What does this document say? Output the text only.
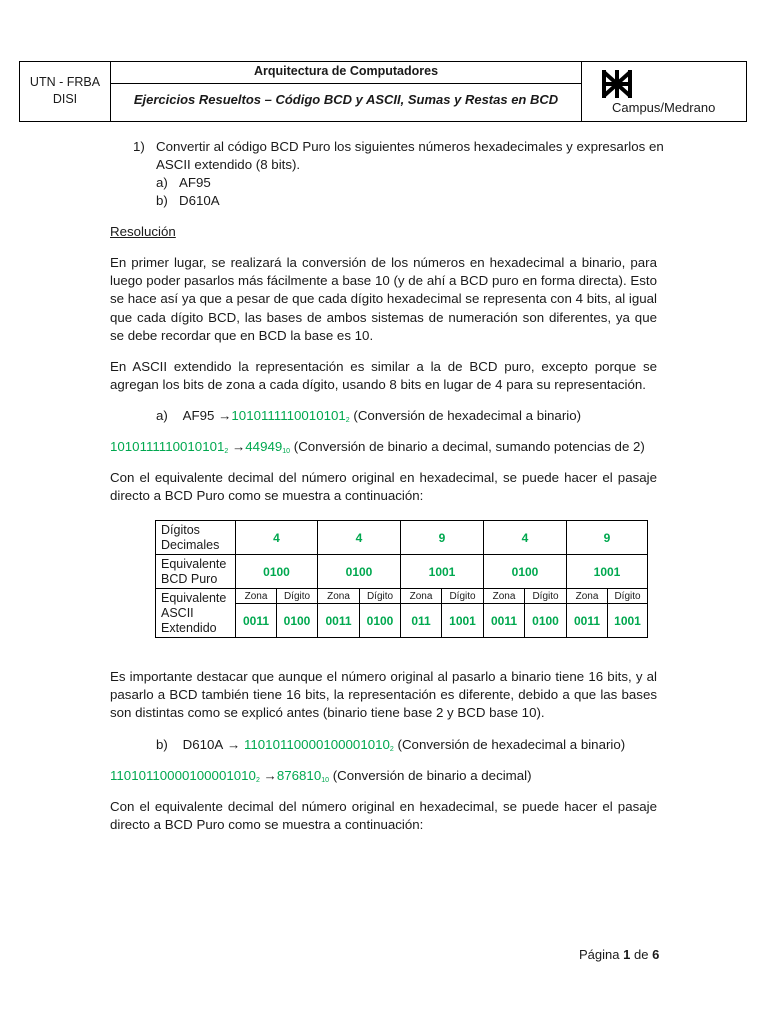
UTN - FRBA
DISI
Arquitectura de Computadores
Ejercicios Resueltos – Código BCD y ASCII, Sumas y Restas en BCD
Campus/Medrano
1) Convertir al código BCD Puro los siguientes números hexadecimales y expresarlos en
ASCII extendido (8 bits).
a) AF95
b) D610A
Resolución

En primer lugar, se realizará la conversión de los números en hexadecimal a binario, para luego poder pasarlos más fácilmente a base 10 (y de ahí a BCD puro en forma directa). Esto se hace así ya que a pesar de que cada dígito hexadecimal se representa con 4 bits, al igual que cada dígito BCD, las bases de ambos sistemas de numeración son diferentes, ya que se debe recordar que en BCD la base es 10.

En ASCII extendido la representación es similar a la de BCD puro, excepto porque se agregan los bits de zona a cada dígito, usando 8 bits en lugar de 4 para su representación.

a) $AF95 \to 1010111110010101_2$ (Conversión de hexadecimal a binario)
$1010111110010101_2 \to 44949_{10}$ (Conversión de binario a decimal, sumando potencias de 2)

Con el equivalente decimal del número original en hexadecimal, se puede hacer el pasaje directo a BCD Puro como se muestra a continuación:

Dígitos Decimales	4		4		9		4		9	
Equivalente BCD Puro	0100		0100		1001		0100		1001	
Equivalente ASCII Extendido	Zona	Dígito	Zona	Dígito	Zona	Dígito	Zona	Dígito	Zona	Dígito
	0011	0100	0011	0100	011	1001	0011	0100	0011	1001

Es importante destacar que aunque el número original al pasarlo a binario tiene 16 bits, y al pasarlo a BCD también tiene 16 bits, la representación es diferente, debido a que las bases son distintas como se explicó antes (binario tiene base 2 y BCD base 10).

b) $D610A \to 11010110000100001010_2$ (Conversión de hexadecimal a binario)
$11010110000100001010_2 \to 876810_{10}$ (Conversión de binario a decimal)

Con el equivalente decimal del número original en hexadecimal, se puede hacer el pasaje directo a BCD Puro como se muestra a continuación:

Página 1 de 6
